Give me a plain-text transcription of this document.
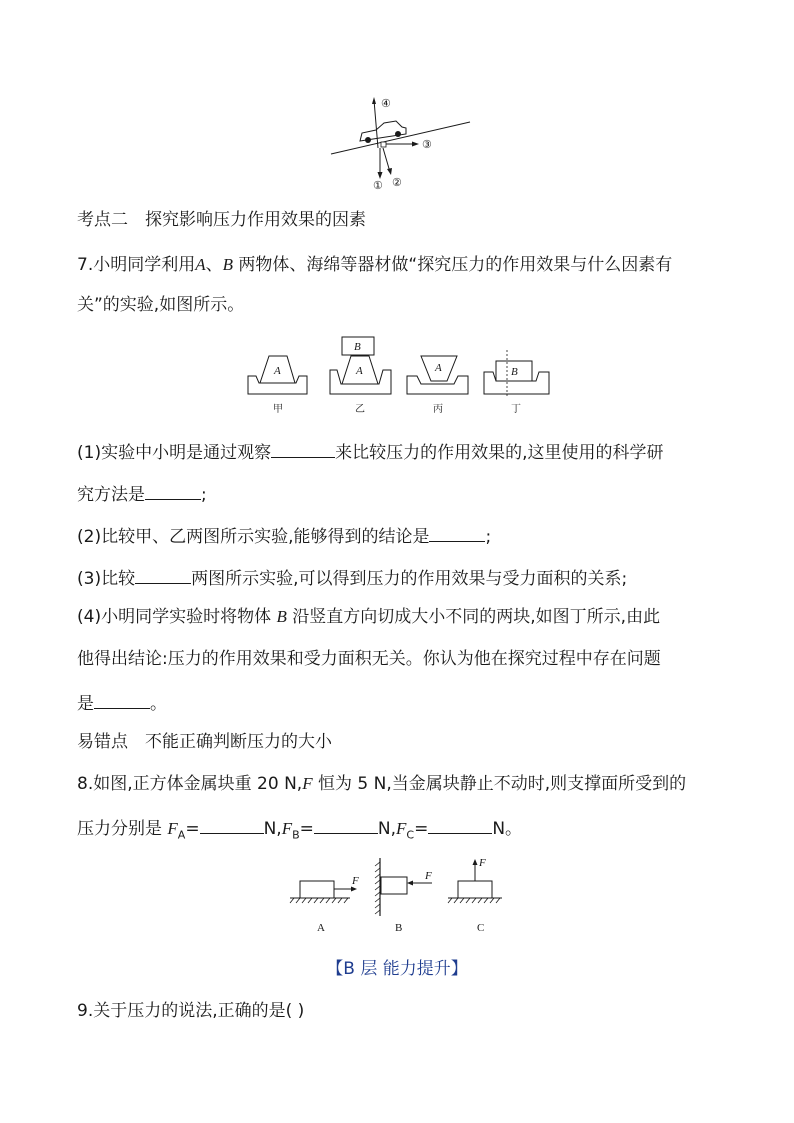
④
③
① ②
考点二　探究影响压力作用效果的因素
7.小明同学利用A、B 两物体、海绵等器材做“探究压力的作用效果与什么因素有
关”的实验,如图所示。
A
甲
A
B
乙
A
丙
B
丁
(1)实验中小明是通过观察	来比较压力的作用效果的,这里使用的科学研
究方法是	;
(2)比较甲、乙两图所示实验,能够得到的结论是	;
(3)比较	两图所示实验,可以得到压力的作用效果与受力面积的关系;
(4)小明同学实验时将物体 B 沿竖直方向切成大小不同的两块,如图丁所示,由此
他得出结论:压力的作用效果和受力面积无关。你认为他在探究过程中存在问题
是	。
易错点　不能正确判断压力的大小
8.如图,正方体金属块重 20 N,F 恒为 5 N,当金属块静止不动时,则支撑面所受到的
压力分别是 $F_A=$	$N,F_B=$	$N,F_C=$	N。
F
A
F
B
F
C
【B 层 能力提升】
9.关于压力的说法,正确的是( )
